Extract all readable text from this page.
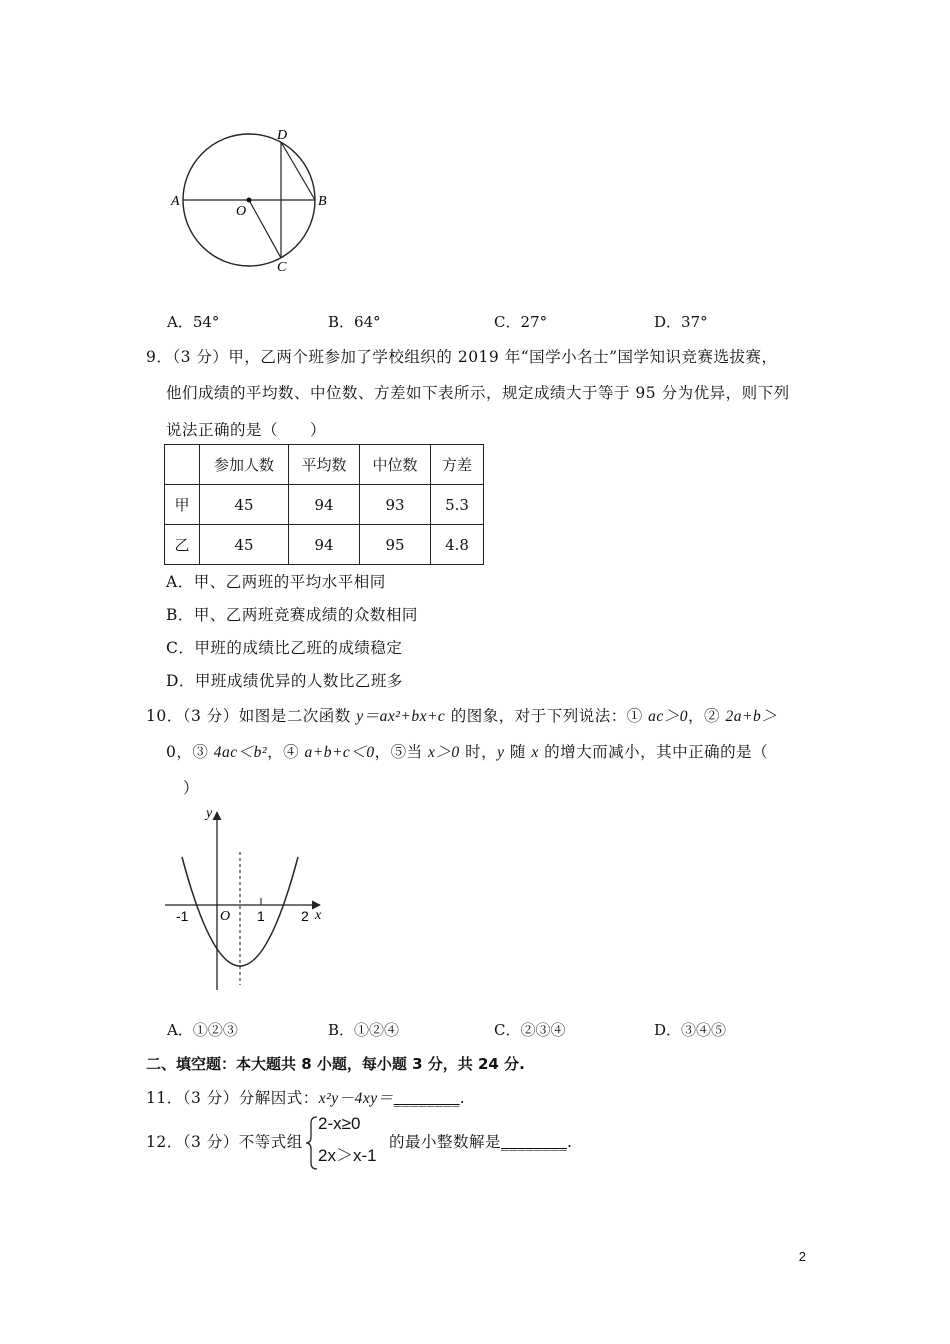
A	B
C
D
O
A．54°	B．64°	C．27°	D．37°
9．（3 分）甲，乙两个班参加了学校组织的 2019 年“国学小名士”国学知识竞赛选拔赛，
他们成绩的平均数、中位数、方差如下表所示，规定成绩大于等于 95 分为优异，则下列
说法正确的是（　　）
	参加人数	平均数	中位数	方差
甲	45	94	93	5.3
乙	45	94	95	4.8
A．甲、乙两班的平均水平相同
B．甲、乙两班竞赛成绩的众数相同
C．甲班的成绩比乙班的成绩稳定
D．甲班成绩优异的人数比乙班多
10．（3 分）如图是二次函数 y＝ax²+bx+c 的图象，对于下列说法：① ac＞0，② 2a+b＞
0，③ 4ac＜b²，④ a+b+c＜0，⑤当 x＞0 时，y 随 x 的增大而减小，其中正确的是（
）
y
x
O
-1	1	2
A．①②③	B．①②④	C．②③④	D．③④⑤
二、填空题：本大题共 8 小题，每小题 3 分，共 24 分.
11．（3 分）分解因式：x²y－4xy＝________.
12．（3 分）不等式组
2-x≥0
2x＞x-1
的最小整数解是________.
2
